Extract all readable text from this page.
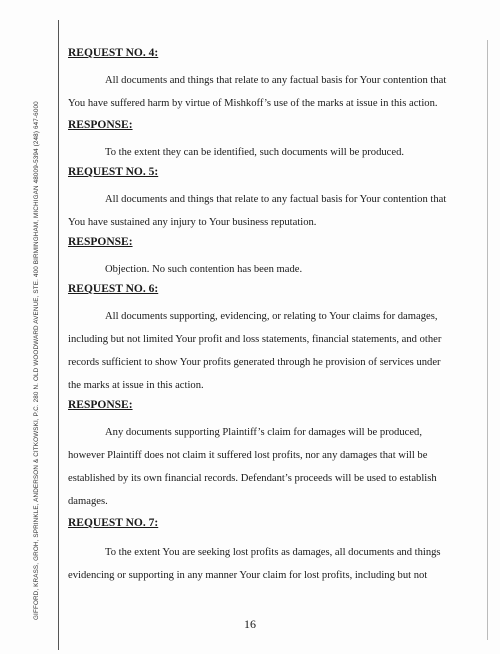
GIFFORD, KRASS, GROH, SPRINKLE, ANDERSON & CITKOWSKI, P.C. 280 N. OLD WOODWARD AVENUE, STE. 400 BIRMINGHAM, MICHIGAN 48009-5394 (248) 647-6000

REQUEST NO. 4:

All documents and things that relate to any factual basis for Your contention that
You have suffered harm by virtue of Mishkoff’s use of the marks at issue in this action.

RESPONSE:

To the extent they can be identified, such documents will be produced.

REQUEST NO. 5:

All documents and things that relate to any factual basis for Your contention that
You have sustained any injury to Your business reputation.

RESPONSE:

Objection. No such contention has been made.

REQUEST NO. 6:

All documents supporting, evidencing, or relating to Your claims for damages,
including but not limited Your profit and loss statements, financial statements, and other
records sufficient to show Your profits generated through he provision of services under
the marks at issue in this action.

RESPONSE:

Any documents supporting Plaintiff’s claim for damages will be produced,
however Plaintiff does not claim it suffered lost profits, nor any damages that will be
established by its own financial records. Defendant’s proceeds will be used to establish
damages.

REQUEST NO. 7:

To the extent You are seeking lost profits as damages, all documents and things
evidencing or supporting in any manner Your claim for lost profits, including but not

16
